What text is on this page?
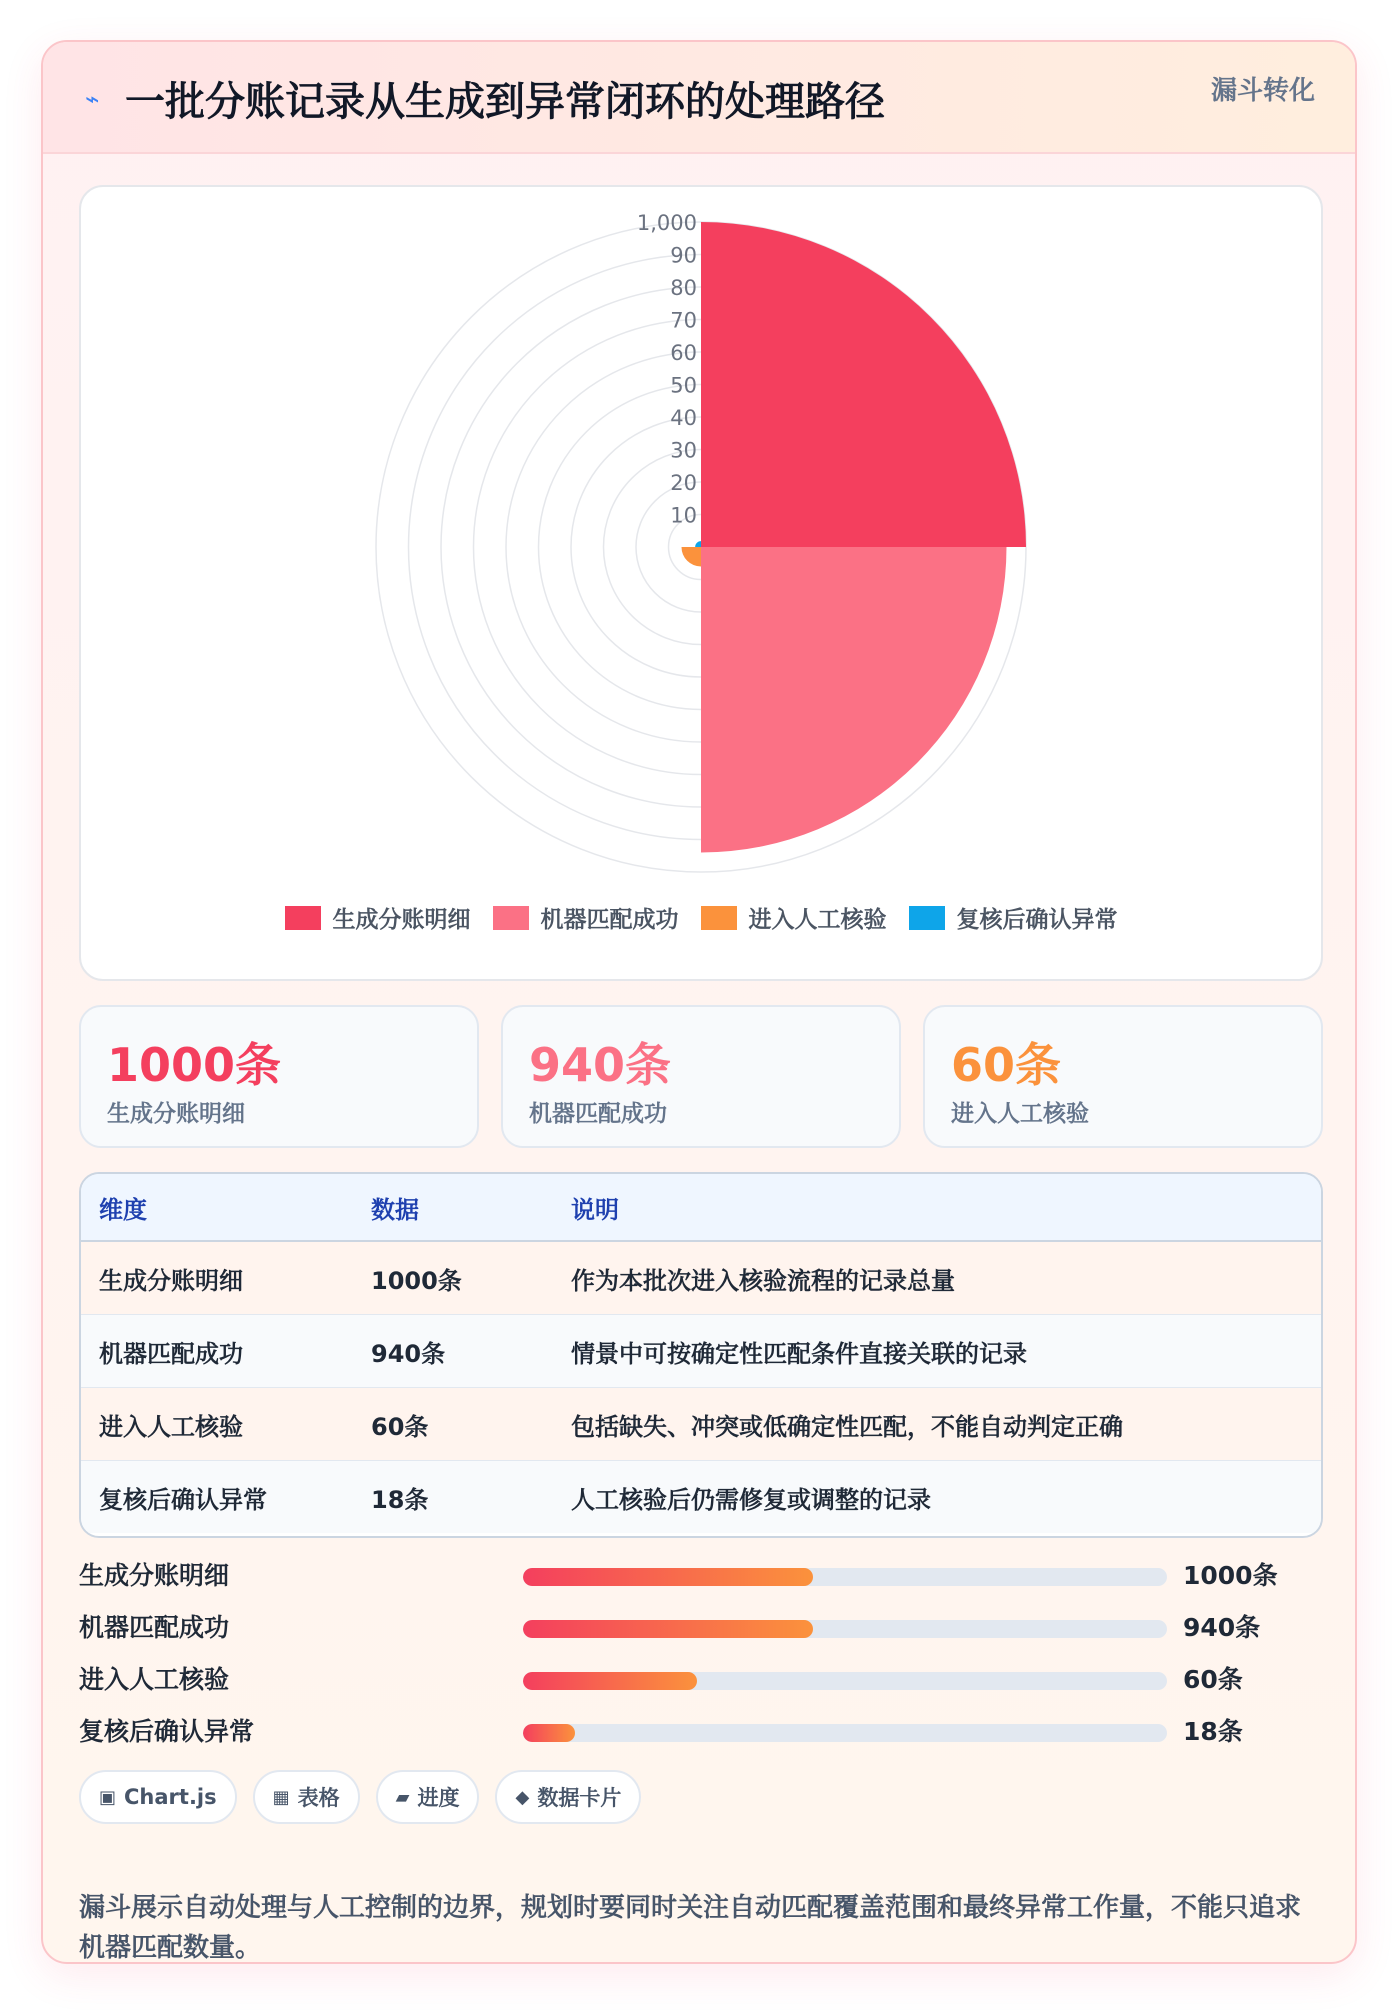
⌁ 一批分账记录从生成到异常闭环的处理路径	漏斗转化
10
20
30
40
50
60
70
80
90
1,000
生成分账明细	机器匹配成功	进入人工核验	复核后确认异常
1000条
生成分账明细
940条
机器匹配成功
60条
进入人工核验
维度	数据	说明
生成分账明细	1000条	作为本批次进入核验流程的记录总量
机器匹配成功	940条	情景中可按确定性匹配条件直接关联的记录
进入人工核验	60条	包括缺失、冲突或低确定性匹配，不能自动判定正确
复核后确认异常	18条	人工核验后仍需修复或调整的记录
生成分账明细	1000条
机器匹配成功	940条
进入人工核验	60条
复核后确认异常	18条
▣ Chart.js	▦ 表格	▰ 进度	◆ 数据卡片
漏斗展示自动处理与人工控制的边界，规划时要同时关注自动匹配覆盖范围和最终异常工作量，不能只追求机器匹配数量。
